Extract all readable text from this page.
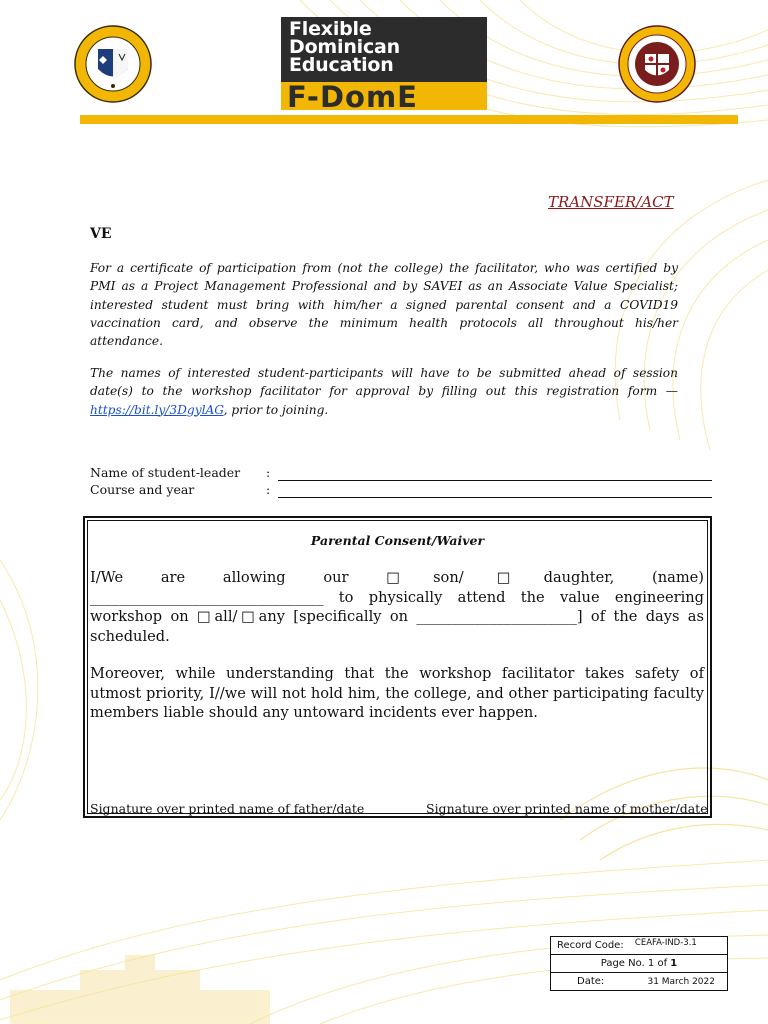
Flexible
Dominican
Education
F-DomE
TRANSFER/ACT
VE
For a certificate of participation from (not the college) the facilitator, who was certified by PMI as a Project Management Professional and by SAVEI as an Associate Value Specialist; interested student must bring with him/her a signed parental consent and a COVID19 vaccination card, and observe the minimum health protocols all throughout his/her attendance.
The names of interested student-participants will have to be submitted ahead of session date(s) to the workshop facilitator for approval by filling out this registration form — https://bit.ly/3DgylAG, prior to joining.
Name of student-leader :
Course and year	:
Parental Consent/Waiver
I/We are allowing our □son/□daughter, (name)
________________________________ to physically attend the value engineering
workshop on □all/□any [specifically on ______________________] of the days as
scheduled.
Moreover, while understanding that the workshop facilitator takes safety of utmost priority, I//we will not hold him, the college, and other participating faculty members liable should any untoward incidents ever happen.
Signature over printed name of father/date	Signature over printed name of mother/date
Record Code: $^{CEAFA-IND-3.1}$
Page No. 1 of 1
Date:	31 March 2022
